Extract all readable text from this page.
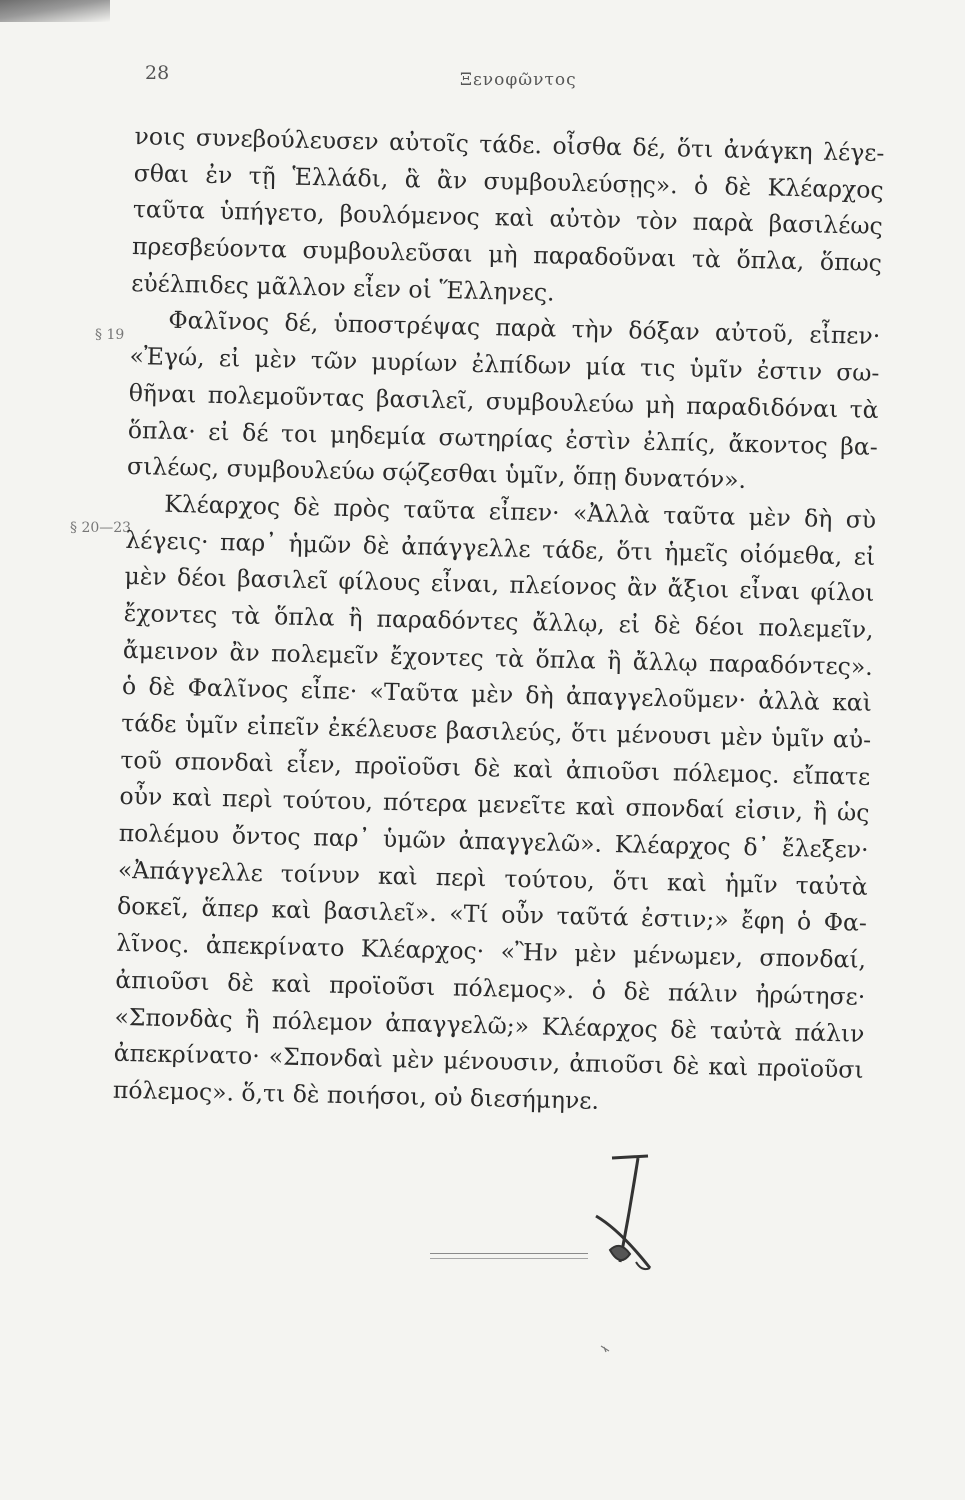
28	Ξενοφῶντος
§ 19
§ 20—23
νοις συνεβούλευσεν αὐτοῖς τάδε. οἶσθα δέ, ὅτι ἀνάγκη λέγε-
σθαι ἐν τῇ Ἑλλάδι, ἃ ἂν συμβουλεύσῃς». ὁ δὲ Κλέαρχος
ταῦτα ὑπήγετο, βουλόμενος καὶ αὐτὸν τὸν παρὰ βασιλέως
πρεσβεύοντα συμβουλεῦσαι μὴ παραδοῦναι τὰ ὅπλα, ὅπως
εὐέλπιδες μᾶλλον εἶεν οἱ Ἕλληνες.
Φαλῖνος δέ, ὑποστρέψας παρὰ τὴν δόξαν αὐτοῦ, εἶπεν·
«Ἐγώ, εἰ μὲν τῶν μυρίων ἐλπίδων μία τις ὑμῖν ἐστιν σω-
θῆναι πολεμοῦντας βασιλεῖ, συμβουλεύω μὴ παραδιδόναι τὰ
ὅπλα· εἰ δέ τοι μηδεμία σωτηρίας ἐστὶν ἐλπίς, ἄκοντος βα-
σιλέως, συμβουλεύω σῴζεσθαι ὑμῖν, ὅπῃ δυνατόν».
Κλέαρχος δὲ πρὸς ταῦτα εἶπεν· «Ἀλλὰ ταῦτα μὲν δὴ σὺ
λέγεις· παρ᾿ ἡμῶν δὲ ἀπάγγελλε τάδε, ὅτι ἡμεῖς οἰόμεθα, εἰ
μὲν δέοι βασιλεῖ φίλους εἶναι, πλείονος ἂν ἄξιοι εἶναι φίλοι
ἔχοντες τὰ ὅπλα ἢ παραδόντες ἄλλῳ, εἰ δὲ δέοι πολεμεῖν,
ἄμεινον ἂν πολεμεῖν ἔχοντες τὰ ὅπλα ἢ ἄλλῳ παραδόντες».
ὁ δὲ Φαλῖνος εἶπε· «Ταῦτα μὲν δὴ ἀπαγγελοῦμεν· ἀλλὰ καὶ
τάδε ὑμῖν εἰπεῖν ἐκέλευσε βασιλεύς, ὅτι μένουσι μὲν ὑμῖν αὐ-
τοῦ σπονδαὶ εἶεν, προϊοῦσι δὲ καὶ ἀπιοῦσι πόλεμος. εἴπατε
οὖν καὶ περὶ τούτου, πότερα μενεῖτε καὶ σπονδαί εἰσιν, ἢ ὡς
πολέμου ὄντος παρ᾿ ὑμῶν ἀπαγγελῶ». Κλέαρχος δ᾿ ἔλεξεν·
«Ἀπάγγελλε τοίνυν καὶ περὶ τούτου, ὅτι καὶ ἡμῖν ταὐτὰ
δοκεῖ, ἅπερ καὶ βασιλεῖ». «Τί οὖν ταῦτά ἐστιν;» ἔφη ὁ Φα-
λῖνος. ἀπεκρίνατο Κλέαρχος· «Ἢν μὲν μένωμεν, σπονδαί,
ἀπιοῦσι δὲ καὶ προϊοῦσι πόλεμος». ὁ δὲ πάλιν ἠρώτησε·
«Σπονδὰς ἢ πόλεμον ἀπαγγελῶ;» Κλέαρχος δὲ ταὐτὰ πάλιν
ἀπεκρίνατο· «Σπονδαὶ μὲν μένουσιν, ἀπιοῦσι δὲ καὶ προϊοῦσι
πόλεμος». ὅ,τι δὲ ποιήσοι, οὐ διεσήμηνε.
